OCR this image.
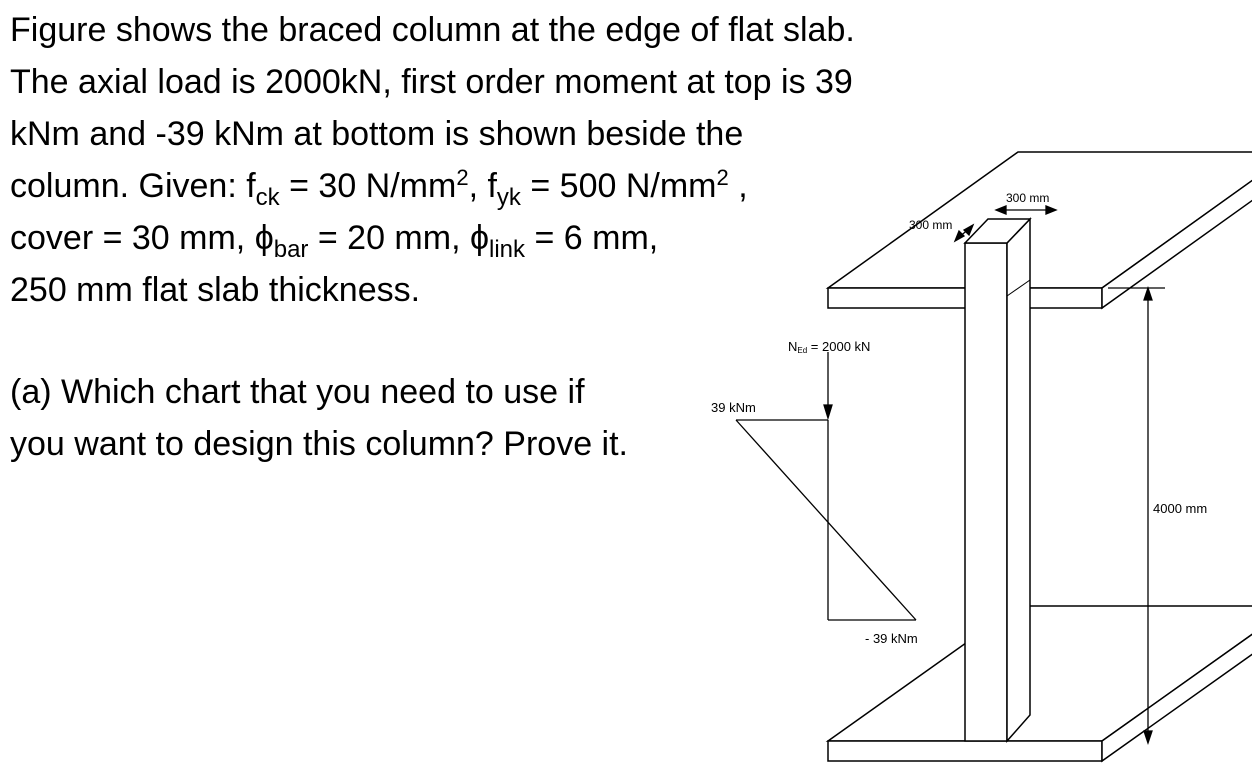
4000 mm
300 mm
300 mm
NEd = 2000 kN
39 kNm
- 39 kNm
Figure shows the braced column at the edge of flat slab.
The axial load is 2000kN, first order moment at top is 39
kNm and -39 kNm at bottom is shown beside the
column. Given: $f_{ck} = 30$ $N/mm^2$, $f_{yk} = 500$ $N/mm^2$ ,
cover = 30 mm, $\phi_{bar} = 20$ mm, $\phi_{link} = 6$ mm,
250 mm flat slab thickness.
(a) Which chart that you need to use if
you want to design this column? Prove it.
